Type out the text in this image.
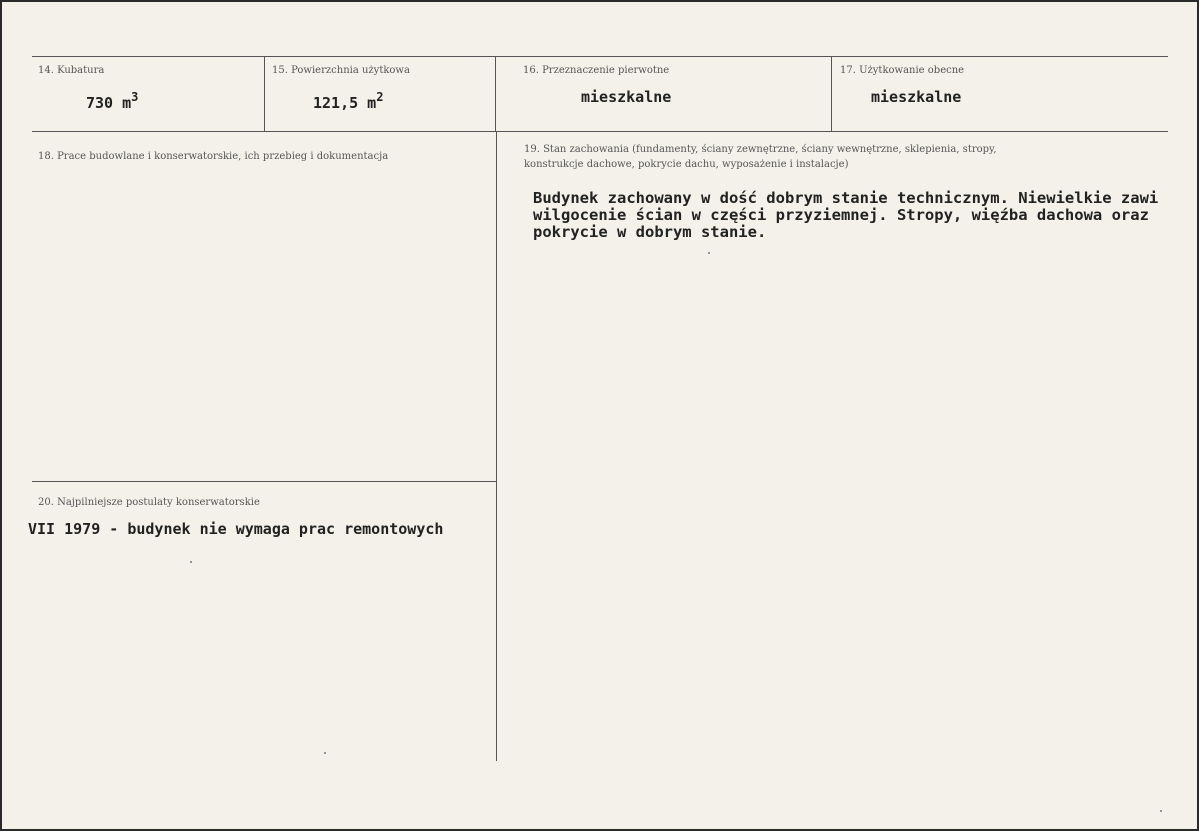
14. Kubatura
730 $m^3$
15. Powierzchnia użytkowa
121,5 $m^2$
16. Przeznaczenie pierwotne
mieszkalne
17. Użytkowanie obecne
mieszkalne
18. Prace budowlane i konserwatorskie, ich przebieg i dokumentacja
19. Stan zachowania (fundamenty, ściany zewnętrzne, ściany wewnętrzne, sklepienia, stropy,
konstrukcje dachowe, pokrycie dachu, wyposażenie i instalacje)
Budynek zachowany w dość dobrym stanie technicznym. Niewielkie zawi
wilgocenie ścian w części przyziemnej. Stropy, więźba dachowa oraz
pokrycie w dobrym stanie.
20. Najpilniejsze postulaty konserwatorskie
VII 1979 - budynek nie wymaga prac remontowych
